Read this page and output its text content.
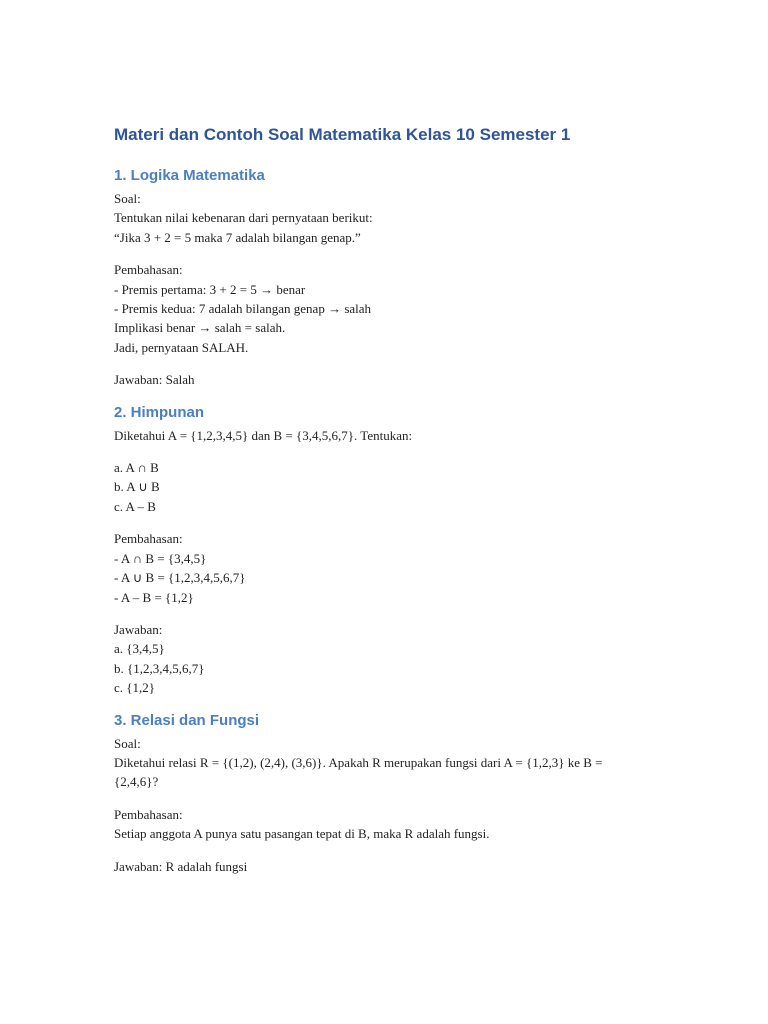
Materi dan Contoh Soal Matematika Kelas 10 Semester 1
1. Logika Matematika

Soal:
Tentukan nilai kebenaran dari pernyataan berikut:
“Jika 3 + 2 = 5 maka 7 adalah bilangan genap.”

Pembahasan:
- Premis pertama: 3 + 2 = 5 → benar
- Premis kedua: 7 adalah bilangan genap → salah
Implikasi benar → salah = salah.
Jadi, pernyataan SALAH.

Jawaban: Salah

2. Himpunan

Diketahui A = {1,2,3,4,5} dan B = {3,4,5,6,7}. Tentukan:

a. A ∩ B
b. A ∪ B
c. A – B

Pembahasan:
- A ∩ B = {3,4,5}
- A ∪ B = {1,2,3,4,5,6,7}
- A – B = {1,2}

Jawaban:
a. {3,4,5}
b. {1,2,3,4,5,6,7}
c. {1,2}

3. Relasi dan Fungsi

Soal:
Diketahui relasi R = {(1,2), (2,4), (3,6)}. Apakah R merupakan fungsi dari A = {1,2,3} ke B =
{2,4,6}?

Pembahasan:
Setiap anggota A punya satu pasangan tepat di B, maka R adalah fungsi.

Jawaban: R adalah fungsi
